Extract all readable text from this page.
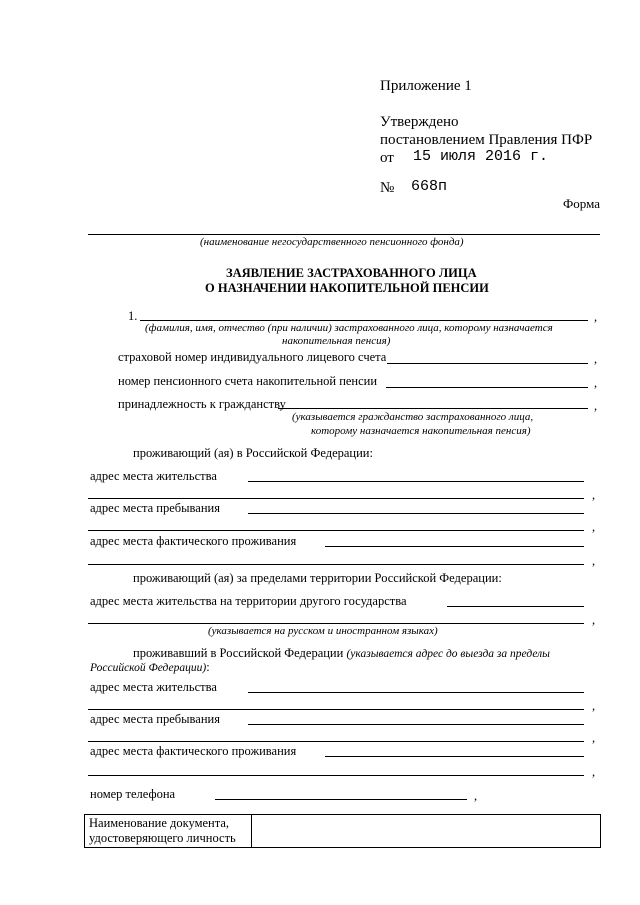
Приложение 1
Утверждено
постановлением Правления ПФР
от 15 июля 2016 г.
№ 668п
Форма
(наименование негосударственного пенсионного фонда)
ЗАЯВЛЕНИЕ ЗАСТРАХОВАННОГО ЛИЦА
О НАЗНАЧЕНИИ НАКОПИТЕЛЬНОЙ ПЕНСИИ
1.	,
(фамилия, имя, отчество (при наличии) застрахованного лица, которому назначается
накопительная пенсия)
страховой номер индивидуального лицевого счета	,
номер пенсионного счета накопительной пенсии	,
принадлежность к гражданству	,
(указывается гражданство застрахованного лица,
которому назначается накопительная пенсия)
проживающий (ая) в Российской Федерации:
адрес места жительства
,
адрес места пребывания
,
адрес места фактического проживания
,
проживающий (ая) за пределами территории Российской Федерации:
адрес места жительства на территории другого государства
,
(указывается на русском и иностранном языках)
проживавший в Российской Федерации (указывается адрес до выезда за пределы
Российской Федерации):
адрес места жительства
,
адрес места пребывания
,
адрес места фактического проживания
,
номер телефона	,
Наименование документа,
удостоверяющего личность
